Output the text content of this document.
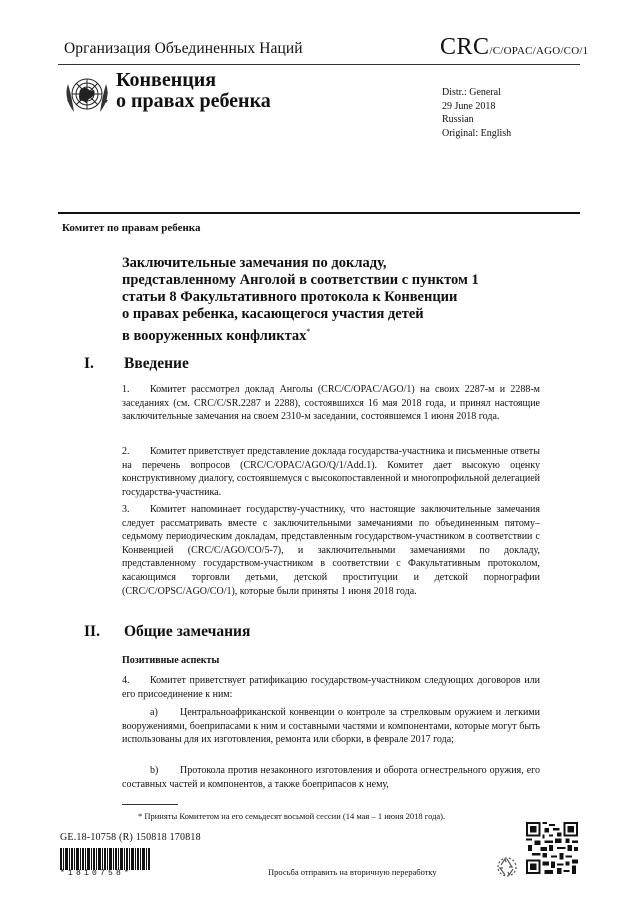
Организация Объединенных Наций	CRC/C/OPAC/AGO/CO/1
Конвенция
о правах ребенка	Distr.: General
29 June 2018
Russian
Original: English
Комитет по правам ребенка
Заключительные замечания по докладу,
представленному Анголой в соответствии с пунктом 1
статьи 8 Факультативного протокола к Конвенции
о правах ребенка, касающегося участия детей
в вооруженных конфликтах*
I. Введение
1. Комитет рассмотрел доклад Анголы (CRC/C/OPAC/AGO/1) на своих 2287-м и 2288-м заседаниях (см. CRC/C/SR.2287 и 2288), состоявшихся 16 мая 2018 года, и принял настоящие заключительные замечания на своем 2310-м заседании, состоявшемся 1 июня 2018 года.
2. Комитет приветствует представление доклада государства-участника и письменные ответы на перечень вопросов (CRC/C/OPAC/AGO/Q/1/Add.1). Комитет дает высокую оценку конструктивному диалогу, состоявшемуся с высокопоставленной и многопрофильной делегацией государства-участника.
3. Комитет напоминает государству-участнику, что настоящие заключительные замечания следует рассматривать вместе с заключительными замечаниями по объединенным пятому–седьмому периодическим докладам, представленным государством-участником в соответствии с Конвенцией (CRC/C/AGO/CO/5-7), и заключительными замечаниями по докладу, представленному государством-участником в соответствии с Факультативным протоколом, касающимся торговли детьми, детской проституции и детской порнографии (CRC/C/OPSC/AGO/CO/1), которые были приняты 1 июня 2018 года.
II. Общие замечания
Позитивные аспекты
4. Комитет приветствует ратификацию государством-участником следующих договоров или его присоединение к ним:
a) Центральноафриканской конвенции о контроле за стрелковым оружием и легкими вооружениями, боеприпасами к ним и составными частями и компонентами, которые могут быть использованы для их изготовления, ремонта или сборки, в феврале 2017 года;
b) Протокола против незаконного изготовления и оборота огнестрельного оружия, его составных частей и компонентов, а также боеприпасов к нему,
* Приняты Комитетом на его семьдесят восьмой сессии (14 мая – 1 июня 2018 года).
GE.18-10758 (R) 150818 170818
*1810758*	Просьба отправить на вторичную переработку
